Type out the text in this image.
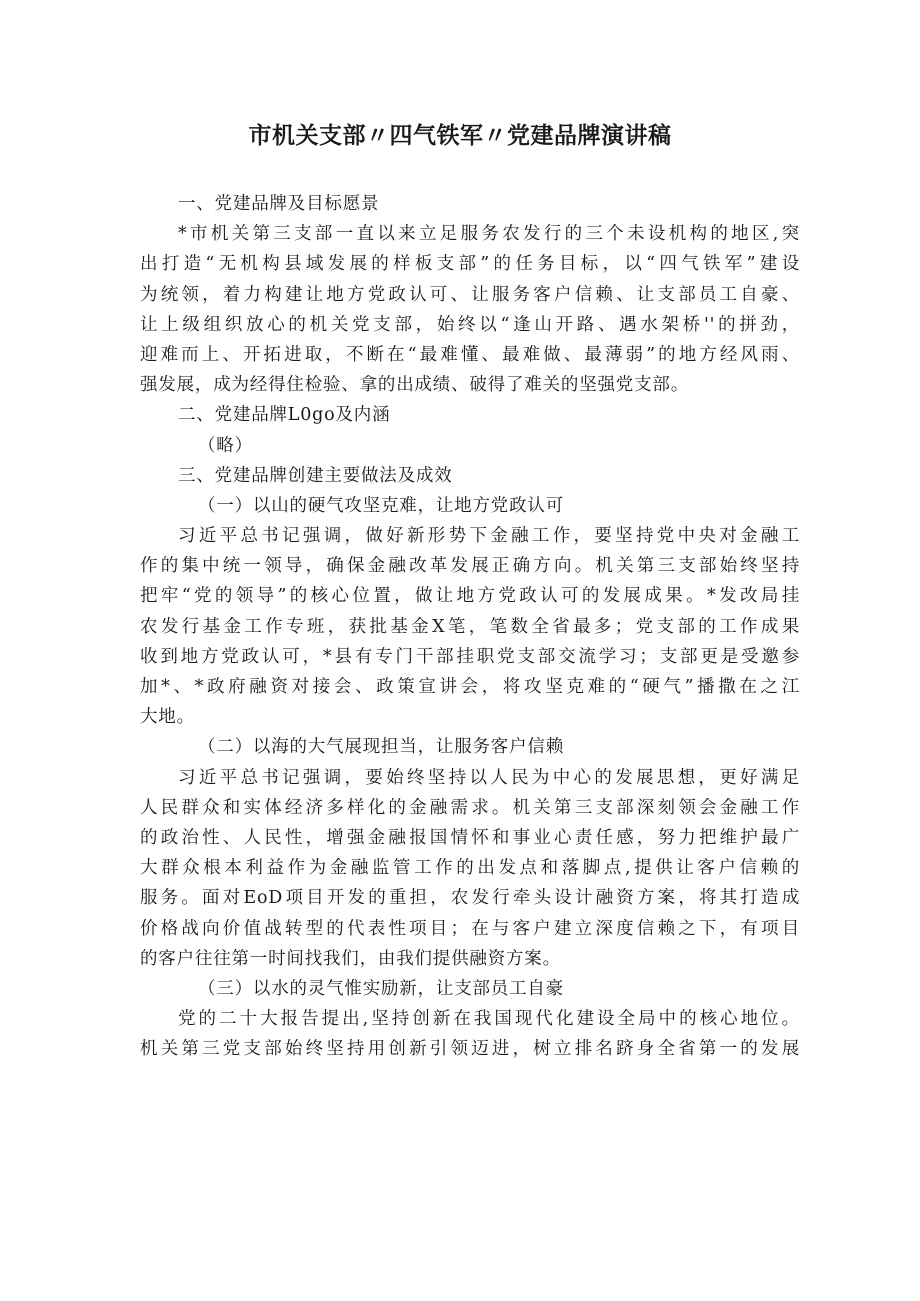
市机关支部〃四气铁军〃党建品牌演讲稿
一、党建品牌及目标愿景
*市机关第三支部一直以来立足服务农发行的三个未设机构的地区,突
出打造“无机构县域发展的样板支部”的任务目标，以“四气铁军”建设
为统领，着力构建让地方党政认可、让服务客户信赖、让支部员工自豪、
让上级组织放心的机关党支部，始终以“逢山开路、遇水架桥''的拼劲，
迎难而上、开拓进取，不断在“最难懂、最难做、最薄弱”的地方经风雨、
强发展，成为经得住检验、拿的出成绩、破得了难关的坚强党支部。
二、党建品牌L0go及内涵
（略）
三、党建品牌创建主要做法及成效
（一）以山的硬气攻坚克难，让地方党政认可
习近平总书记强调，做好新形势下金融工作，要坚持党中央对金融工
作的集中统一领导，确保金融改革发展正确方向。机关第三支部始终坚持
把牢“党的领导”的核心位置，做让地方党政认可的发展成果。*发改局挂
农发行基金工作专班，获批基金X笔，笔数全省最多；党支部的工作成果
收到地方党政认可，*县有专门干部挂职党支部交流学习；支部更是受邀参
加*、*政府融资对接会、政策宣讲会，将攻坚克难的“硬气”播撒在之江
大地。
（二）以海的大气展现担当，让服务客户信赖
习近平总书记强调，要始终坚持以人民为中心的发展思想，更好满足
人民群众和实体经济多样化的金融需求。机关第三支部深刻领会金融工作
的政治性、人民性，增强金融报国情怀和事业心责任感，努力把维护最广
大群众根本利益作为金融监管工作的出发点和落脚点,提供让客户信赖的
服务。面对EoD项目开发的重担，农发行牵头设计融资方案，将其打造成
价格战向价值战转型的代表性项目；在与客户建立深度信赖之下，有项目
的客户往往第一时间找我们，由我们提供融资方案。
（三）以水的灵气惟实励新，让支部员工自豪
党的二十大报告提出,坚持创新在我国现代化建设全局中的核心地位。
机关第三党支部始终坚持用创新引领迈进，树立排名跻身全省第一的发展
